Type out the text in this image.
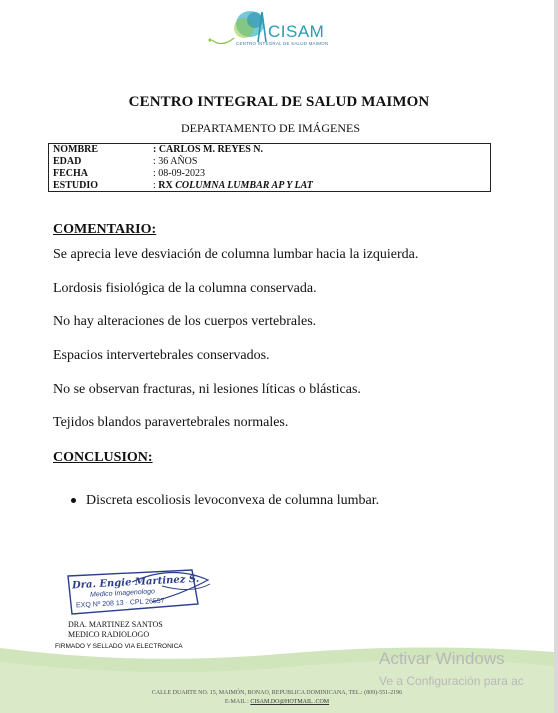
CISAM
CENTRO INTEGRAL DE SALUD MAIMON
CENTRO INTEGRAL DE SALUD MAIMON
DEPARTAMENTO DE IMÁGENES
NOMBRE	: CARLOS M. REYES N.
EDAD	: 36 AÑOS
FECHA	: 08-09-2023
ESTUDIO	: RX COLUMNA LUMBAR AP Y LAT
COMENTARIO:
Se aprecia leve desviación de columna lumbar hacia la izquierda.
Lordosis fisiológica de la columna conservada.
No hay alteraciones de los cuerpos vertebrales.
Espacios intervertebrales conservados.
No se observan fracturas, ni lesiones líticas o blásticas.
Tejidos blandos paravertebrales normales.
CONCLUSION:
Discreta escoliosis levoconvexa de columna lumbar.
Dra. Engie Martinez S.
Medico Imagenologo
EXQ Nº 208 13 · CPL 26557
DRA. MARTINEZ SANTOS
MEDICO RADIOLOGO
FIRMADO Y SELLADO VIA ELECTRONICA
CALLE DUARTE NO. 15, MAIMÓN, BONAO, REPUBLICA DOMINICANA, TEL.: (809)-551-2196
E-MAIL : CISAM.DO@HOTMAIL .COM
Activar Windows
Ve a Configuración para ac
